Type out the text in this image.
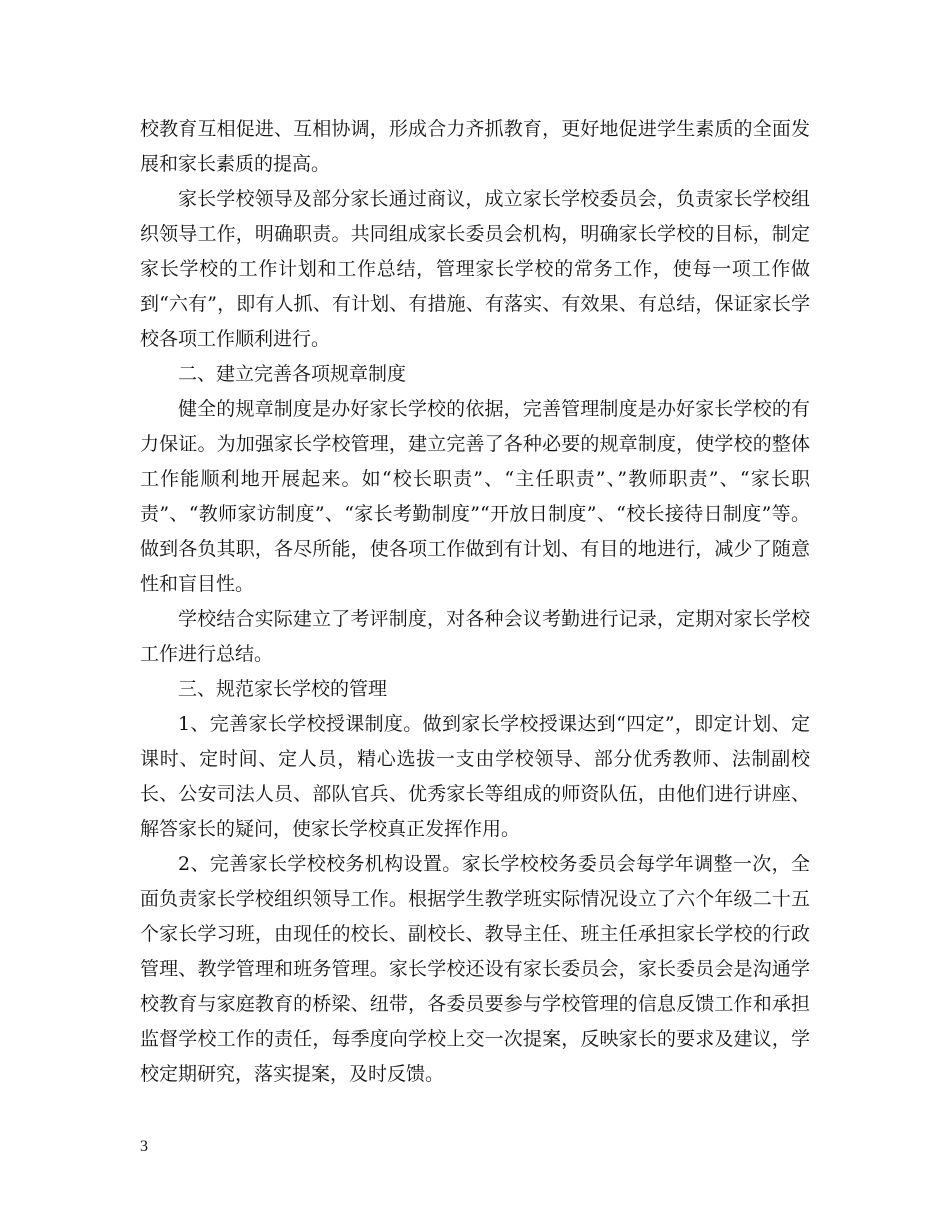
校教育互相促进、互相协调，形成合力齐抓教育，更好地促进学生素质的全面发展和家长素质的提高。

家长学校领导及部分家长通过商议，成立家长学校委员会，负责家长学校组织领导工作，明确职责。共同组成家长委员会机构，明确家长学校的目标，制定家长学校的工作计划和工作总结，管理家长学校的常务工作，使每一项工作做到“六有”，即有人抓、有计划、有措施、有落实、有效果、有总结，保证家长学校各项工作顺利进行。

二、建立完善各项规章制度

健全的规章制度是办好家长学校的依据，完善管理制度是办好家长学校的有力保证。为加强家长学校管理，建立完善了各种必要的规章制度，使学校的整体工作能顺利地开展起来。如“校长职责”、“主任职责”、”教师职责”、“家长职责”、“教师家访制度”、“家长考勤制度”“开放日制度”、“校长接待日制度”等。做到各负其职，各尽所能，使各项工作做到有计划、有目的地进行，减少了随意性和盲目性。

学校结合实际建立了考评制度，对各种会议考勤进行记录，定期对家长学校工作进行总结。

三、规范家长学校的管理

1、完善家长学校授课制度。做到家长学校授课达到“四定”，即定计划、定课时、定时间、定人员，精心选拔一支由学校领导、部分优秀教师、法制副校长、公安司法人员、部队官兵、优秀家长等组成的师资队伍，由他们进行讲座、解答家长的疑问，使家长学校真正发挥作用。

2、完善家长学校校务机构设置。家长学校校务委员会每学年调整一次，全面负责家长学校组织领导工作。根据学生教学班实际情况设立了六个年级二十五个家长学习班，由现任的校长、副校长、教导主任、班主任承担家长学校的行政管理、教学管理和班务管理。家长学校还设有家长委员会，家长委员会是沟通学校教育与家庭教育的桥梁、纽带，各委员要参与学校管理的信息反馈工作和承担监督学校工作的责任，每季度向学校上交一次提案，反映家长的要求及建议，学校定期研究，落实提案，及时反馈。

3
